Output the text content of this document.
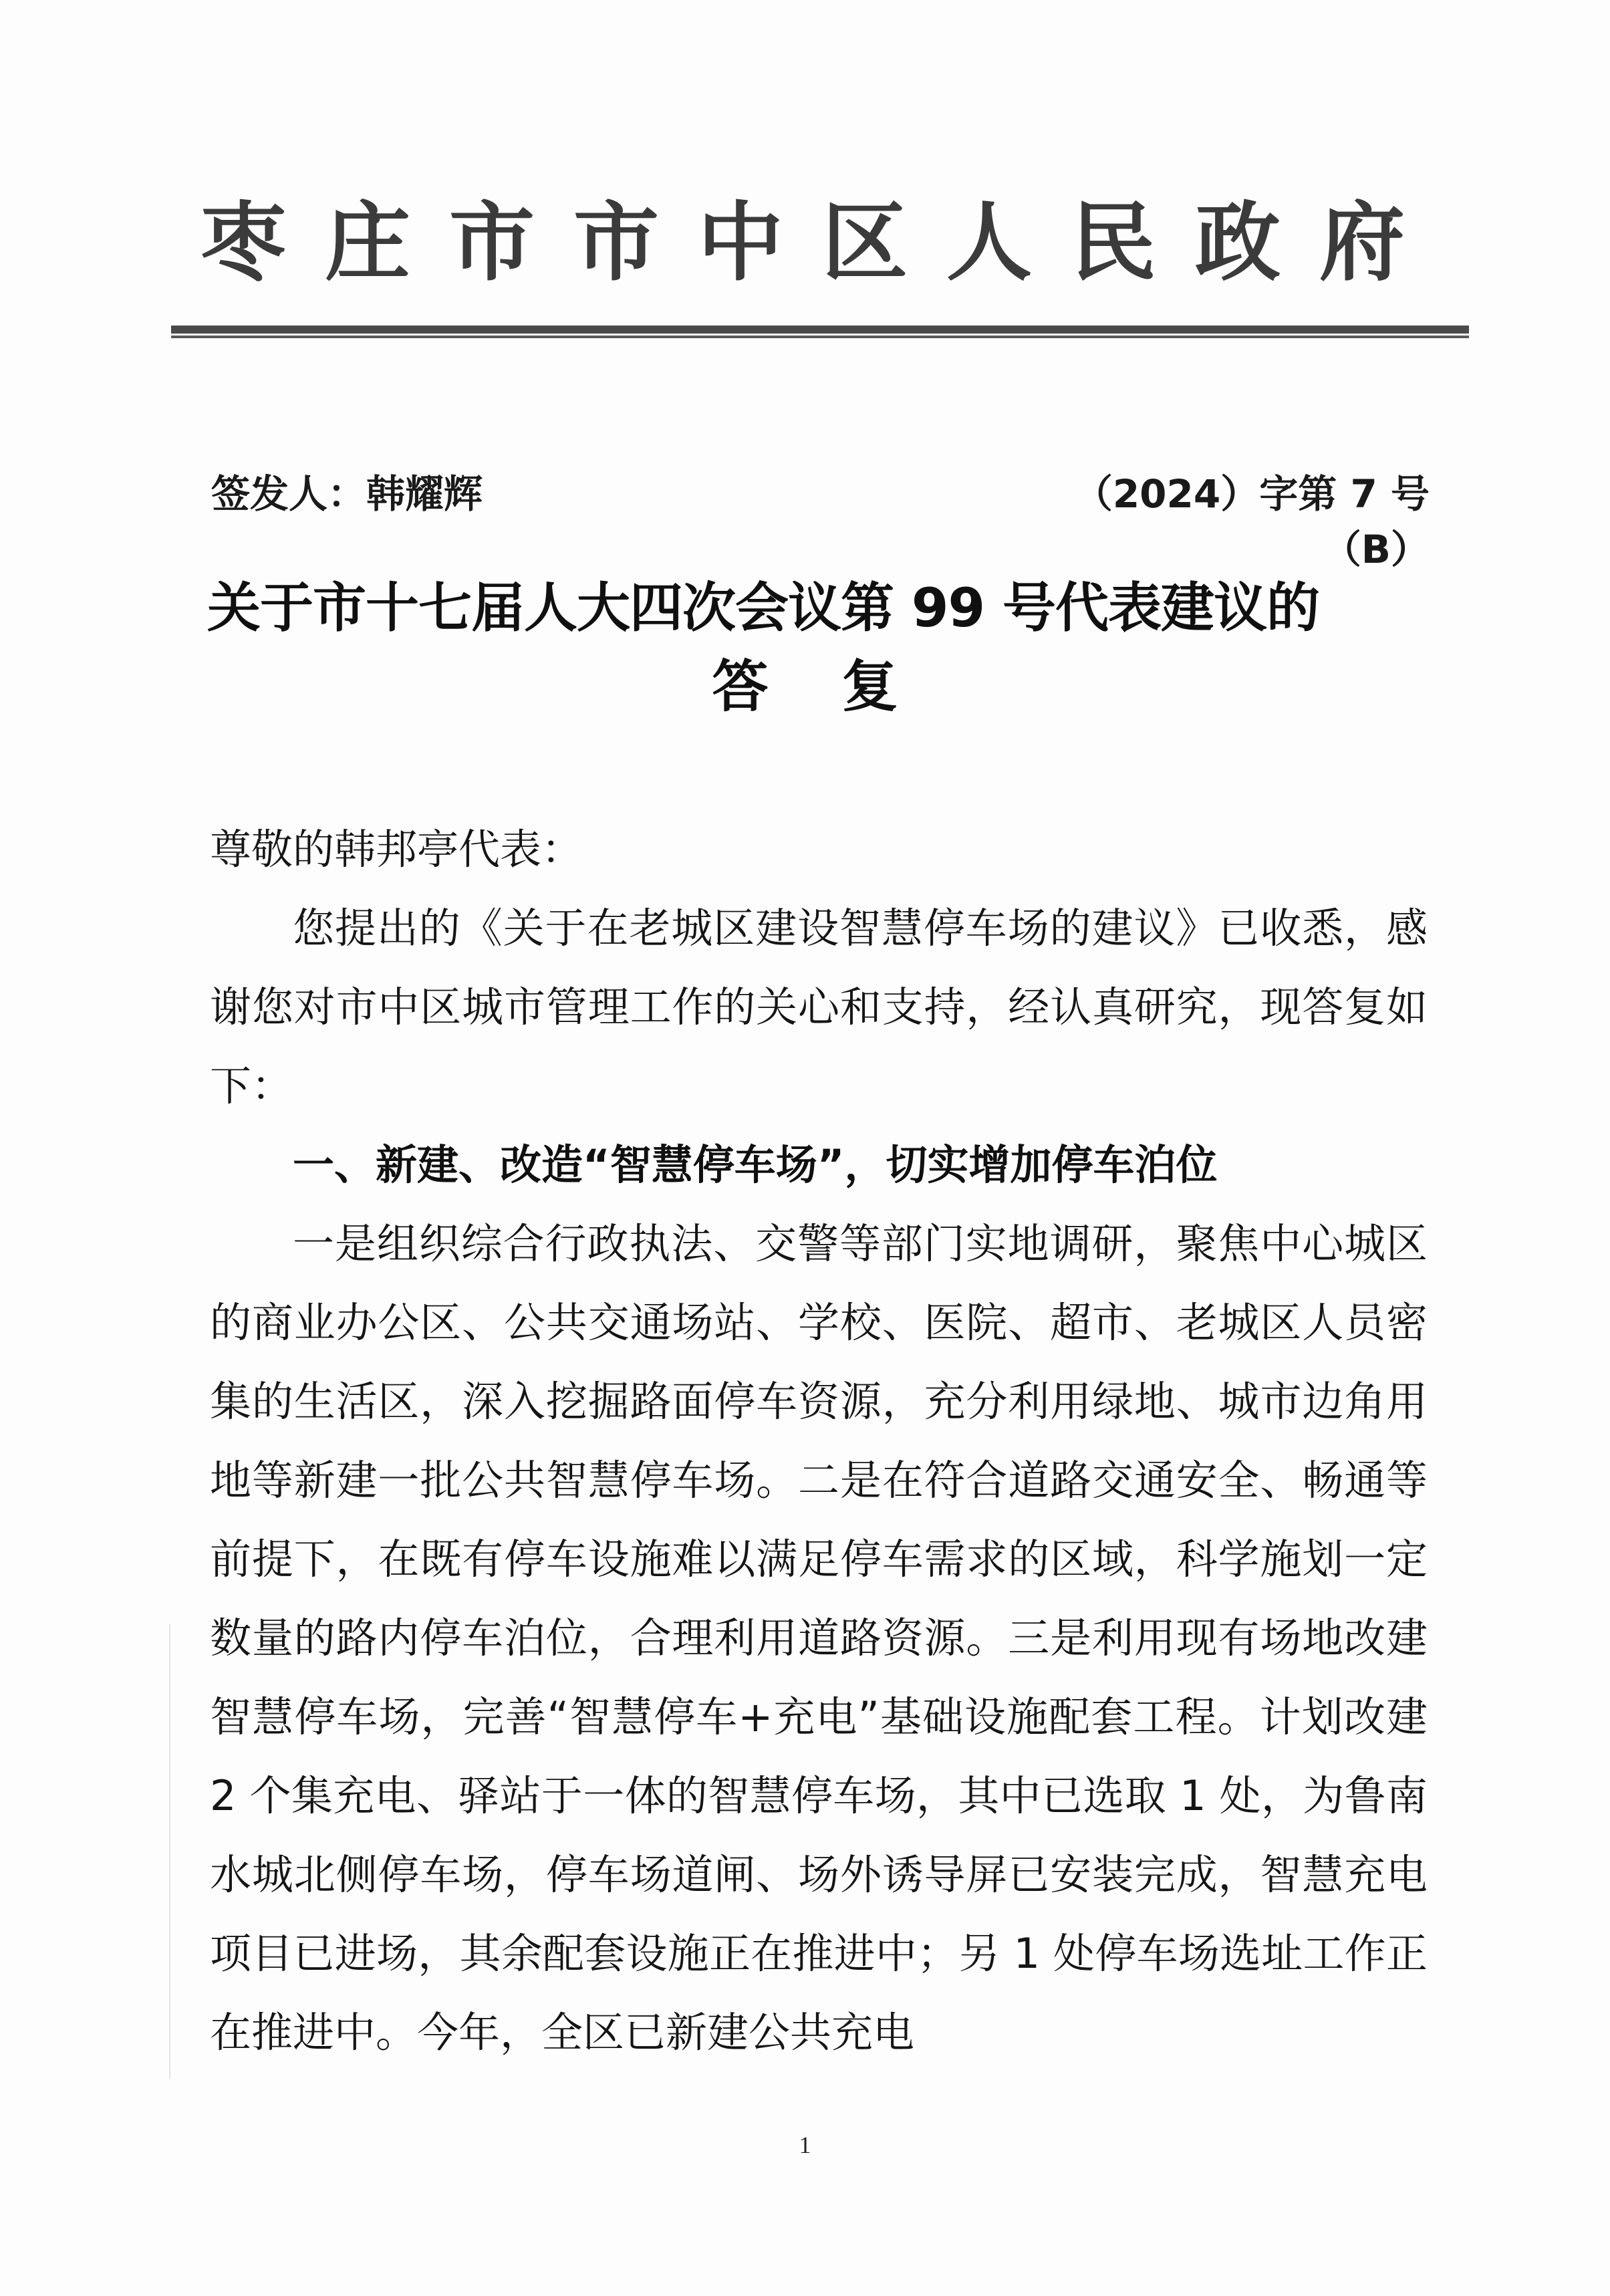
枣庄市市中区人民政府
签发人：韩耀辉	（2024）字第 7 号
（B）
关于市十七届人大四次会议第 99 号代表建议的
答复
尊敬的韩邦亭代表：
您提出的《关于在老城区建设智慧停车场的建议》已收悉，感谢您对市中区城市管理工作的关心和支持，经认真研究，现答复如下：
一、新建、改造“智慧停车场”，切实增加停车泊位
一是组织综合行政执法、交警等部门实地调研，聚焦中心城区的商业办公区、公共交通场站、学校、医院、超市、老城区人员密集的生活区，深入挖掘路面停车资源，充分利用绿地、城市边角用地等新建一批公共智慧停车场。二是在符合道路交通安全、畅通等前提下，在既有停车设施难以满足停车需求的区域，科学施划一定数量的路内停车泊位，合理利用道路资源。三是利用现有场地改建智慧停车场，完善“智慧停车+充电”基础设施配套工程。计划改建 2 个集充电、驿站于一体的智慧停车场，其中已选取 1 处，为鲁南水城北侧停车场，停车场道闸、场外诱导屏已安装完成，智慧充电项目已进场，其余配套设施正在推进中；另 1 处停车场选址工作正在推进中。今年，全区已新建公共充电
1
